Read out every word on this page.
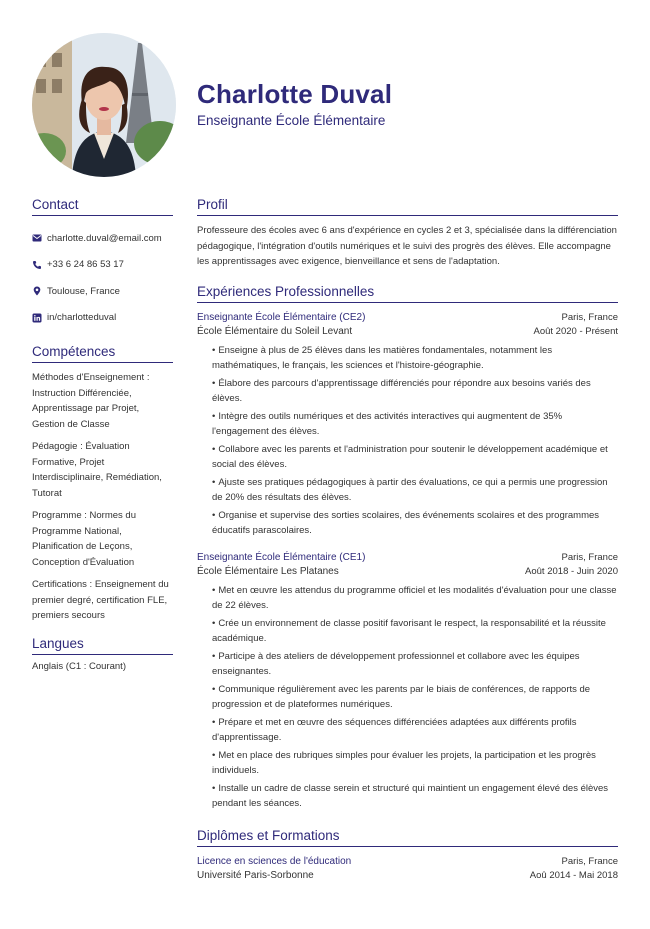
Charlotte Duval
Enseignante École Élémentaire
Contact
charlotte.duval@email.com
+33 6 24 86 53 17
Toulouse, France
in/charlotteduval
Compétences
Méthodes d'Enseignement : Instruction Différenciée, Apprentissage par Projet, Gestion de Classe
Pédagogie : Évaluation Formative, Projet Interdisciplinaire, Remédiation, Tutorat
Programme : Normes du Programme National, Planification de Leçons, Conception d'Évaluation
Certifications : Enseignement du premier degré, certification FLE, premiers secours
Langues
Anglais (C1 : Courant)
Profil
Professeure des écoles avec 6 ans d'expérience en cycles 2 et 3, spécialisée dans la différenciation pédagogique, l'intégration d'outils numériques et le suivi des progrès des élèves. Elle accompagne les apprentissages avec exigence, bienveillance et sens de l'adaptation.
Expériences Professionnelles
Enseignante École Élémentaire (CE2)	Paris, France
École Élémentaire du Soleil Levant	Août 2020 - Présent
• Enseigne à plus de 25 élèves dans les matières fondamentales, notamment les mathématiques, le français, les sciences et l'histoire-géographie.
• Élabore des parcours d'apprentissage différenciés pour répondre aux besoins variés des élèves.
• Intègre des outils numériques et des activités interactives qui augmentent de 35% l'engagement des élèves.
• Collabore avec les parents et l'administration pour soutenir le développement académique et social des élèves.
• Ajuste ses pratiques pédagogiques à partir des évaluations, ce qui a permis une progression de 20% des résultats des élèves.
• Organise et supervise des sorties scolaires, des événements scolaires et des programmes éducatifs parascolaires.
Enseignante École Élémentaire (CE1)	Paris, France
École Élémentaire Les Platanes	Août 2018 - Juin 2020
• Met en œuvre les attendus du programme officiel et les modalités d'évaluation pour une classe de 22 élèves.
• Crée un environnement de classe positif favorisant le respect, la responsabilité et la réussite académique.
• Participe à des ateliers de développement professionnel et collabore avec les équipes enseignantes.
• Communique régulièrement avec les parents par le biais de conférences, de rapports de progression et de plateformes numériques.
• Prépare et met en œuvre des séquences différenciées adaptées aux différents profils d'apprentissage.
• Met en place des rubriques simples pour évaluer les projets, la participation et les progrès individuels.
• Installe un cadre de classe serein et structuré qui maintient un engagement élevé des élèves pendant les séances.
Diplômes et Formations
Licence en sciences de l'éducation	Paris, France
Université Paris-Sorbonne	Aoû 2014 - Mai 2018
